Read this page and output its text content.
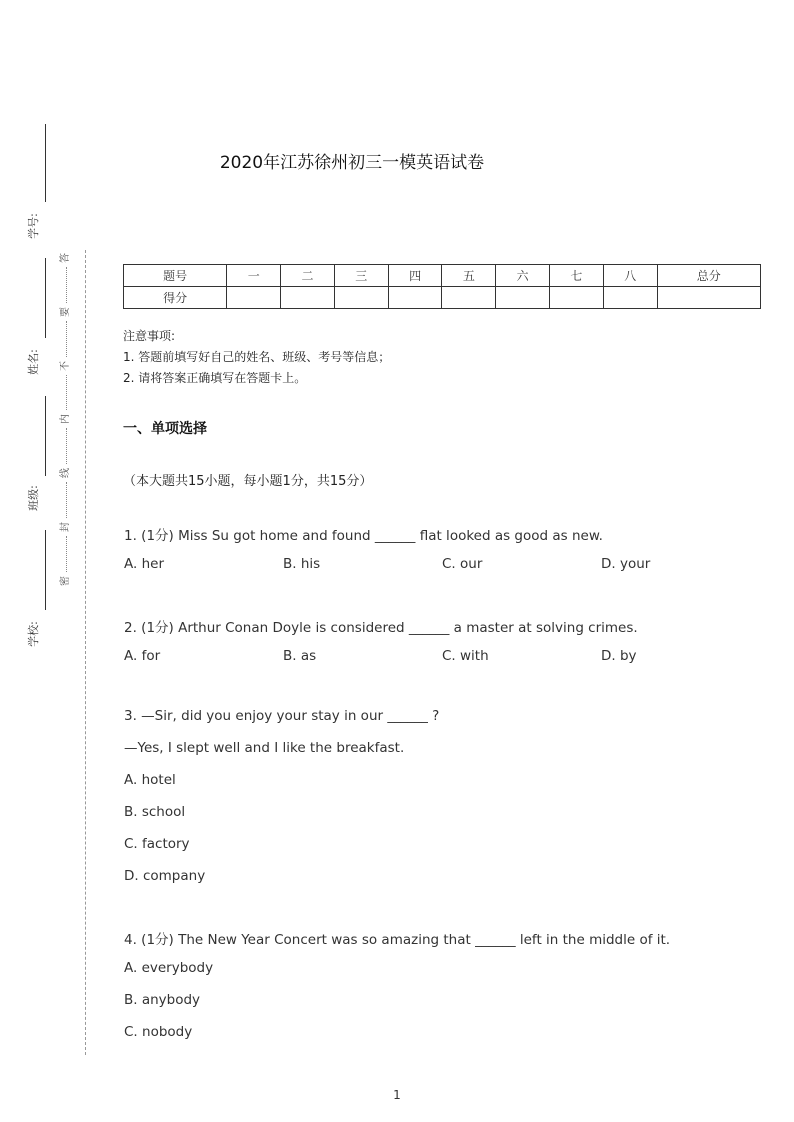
学号:
姓名:
班级:
学校:
答
要
不
内
线
封
密
2020年江苏徐州初三一模英语试卷
题号	一	二	三	四	五	六	七	八	总分
得分									
注意事项:
1. 答题前填写好自己的姓名、班级、考号等信息；
2. 请将答案正确填写在答题卡上。
一、单项选择
（本大题共15小题，每小题1分，共15分）
1. (1分) Miss Su got home and found ______ flat looked as good as new.
A. her	B. his	C. our	D. your
2. (1分) Arthur Conan Doyle is considered ______ a master at solving crimes.
A. for	B. as	C. with	D. by
3. —Sir, did you enjoy your stay in our ______ ?
—Yes, I slept well and I like the breakfast.
A. hotel
B. school
C. factory
D. company
4. (1分) The New Year Concert was so amazing that ______ left in the middle of it.
A. everybody
B. anybody
C. nobody
1
